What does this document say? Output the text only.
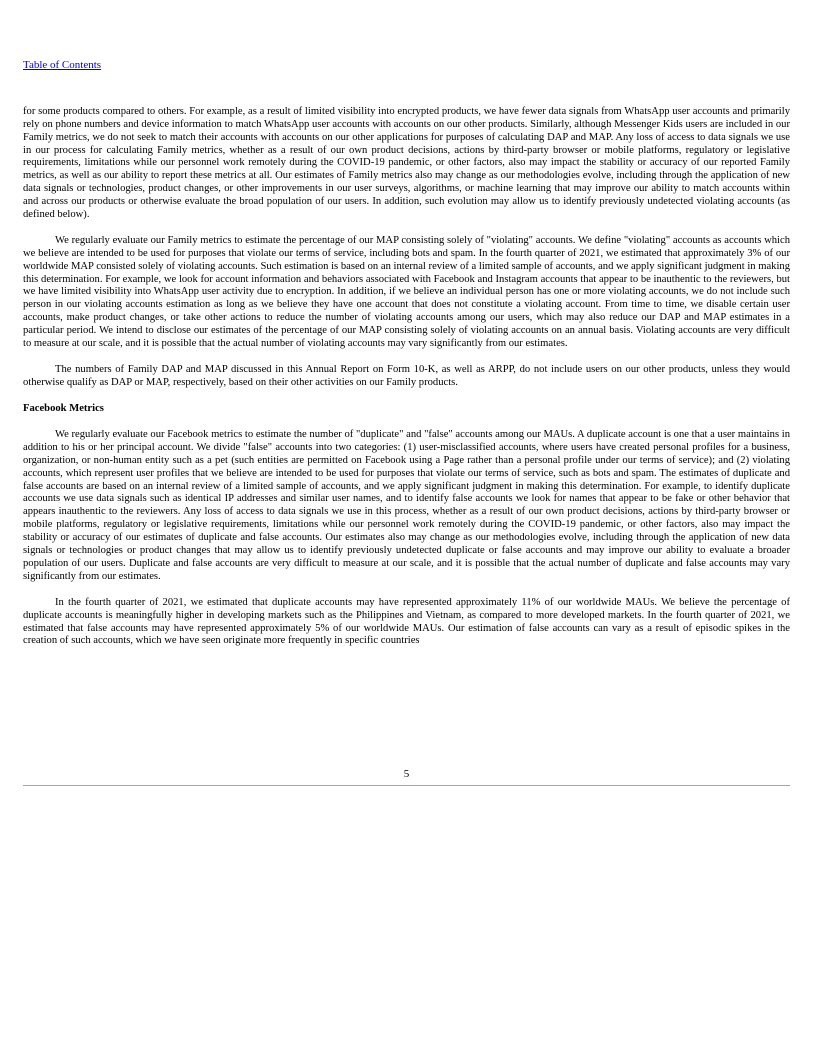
Table of Contents

for some products compared to others. For example, as a result of limited visibility into encrypted products, we have fewer data signals from WhatsApp user accounts and primarily rely on phone numbers and device information to match WhatsApp user accounts with accounts on our other products. Similarly, although Messenger Kids users are included in our Family metrics, we do not seek to match their accounts with accounts on our other applications for purposes of calculating DAP and MAP. Any loss of access to data signals we use in our process for calculating Family metrics, whether as a result of our own product decisions, actions by third-party browser or mobile platforms, regulatory or legislative requirements, limitations while our personnel work remotely during the COVID-19 pandemic, or other factors, also may impact the stability or accuracy of our reported Family metrics, as well as our ability to report these metrics at all. Our estimates of Family metrics also may change as our methodologies evolve, including through the application of new data signals or technologies, product changes, or other improvements in our user surveys, algorithms, or machine learning that may improve our ability to match accounts within and across our products or otherwise evaluate the broad population of our users. In addition, such evolution may allow us to identify previously undetected violating accounts (as defined below).

We regularly evaluate our Family metrics to estimate the percentage of our MAP consisting solely of "violating" accounts. We define "violating" accounts as accounts which we believe are intended to be used for purposes that violate our terms of service, including bots and spam. In the fourth quarter of 2021, we estimated that approximately 3% of our worldwide MAP consisted solely of violating accounts. Such estimation is based on an internal review of a limited sample of accounts, and we apply significant judgment in making this determination. For example, we look for account information and behaviors associated with Facebook and Instagram accounts that appear to be inauthentic to the reviewers, but we have limited visibility into WhatsApp user activity due to encryption. In addition, if we believe an individual person has one or more violating accounts, we do not include such person in our violating accounts estimation as long as we believe they have one account that does not constitute a violating account. From time to time, we disable certain user accounts, make product changes, or take other actions to reduce the number of violating accounts among our users, which may also reduce our DAP and MAP estimates in a particular period. We intend to disclose our estimates of the percentage of our MAP consisting solely of violating accounts on an annual basis. Violating accounts are very difficult to measure at our scale, and it is possible that the actual number of violating accounts may vary significantly from our estimates.

The numbers of Family DAP and MAP discussed in this Annual Report on Form 10-K, as well as ARPP, do not include users on our other products, unless they would otherwise qualify as DAP or MAP, respectively, based on their other activities on our Family products.

Facebook Metrics

We regularly evaluate our Facebook metrics to estimate the number of "duplicate" and "false" accounts among our MAUs. A duplicate account is one that a user maintains in addition to his or her principal account. We divide "false" accounts into two categories: (1) user-misclassified accounts, where users have created personal profiles for a business, organization, or non-human entity such as a pet (such entities are permitted on Facebook using a Page rather than a personal profile under our terms of service); and (2) violating accounts, which represent user profiles that we believe are intended to be used for purposes that violate our terms of service, such as bots and spam. The estimates of duplicate and false accounts are based on an internal review of a limited sample of accounts, and we apply significant judgment in making this determination. For example, to identify duplicate accounts we use data signals such as identical IP addresses and similar user names, and to identify false accounts we look for names that appear to be fake or other behavior that appears inauthentic to the reviewers. Any loss of access to data signals we use in this process, whether as a result of our own product decisions, actions by third-party browser or mobile platforms, regulatory or legislative requirements, limitations while our personnel work remotely during the COVID-19 pandemic, or other factors, also may impact the stability or accuracy of our estimates of duplicate and false accounts. Our estimates also may change as our methodologies evolve, including through the application of new data signals or technologies or product changes that may allow us to identify previously undetected duplicate or false accounts and may improve our ability to evaluate a broader population of our users. Duplicate and false accounts are very difficult to measure at our scale, and it is possible that the actual number of duplicate and false accounts may vary significantly from our estimates.

In the fourth quarter of 2021, we estimated that duplicate accounts may have represented approximately 11% of our worldwide MAUs. We believe the percentage of duplicate accounts is meaningfully higher in developing markets such as the Philippines and Vietnam, as compared to more developed markets. In the fourth quarter of 2021, we estimated that false accounts may have represented approximately 5% of our worldwide MAUs. Our estimation of false accounts can vary as a result of episodic spikes in the creation of such accounts, which we have seen originate more frequently in specific countries

5
